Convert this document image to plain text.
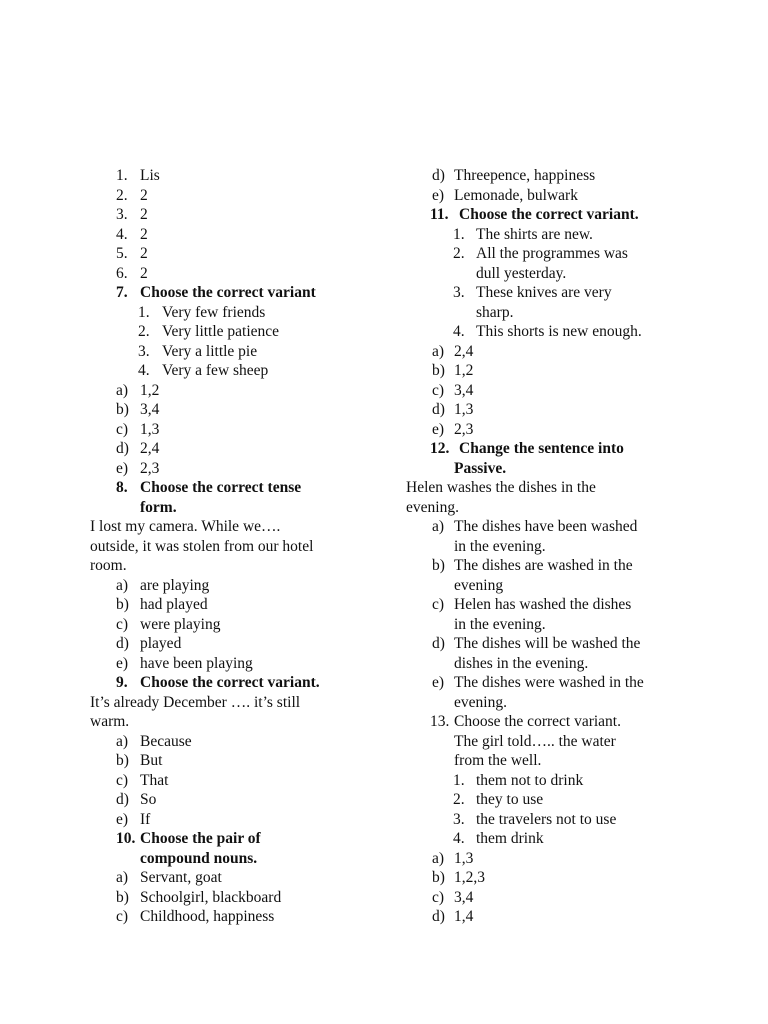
1. Lis
2. 2
3. 2
4. 2
5. 2
6. 2
7. Choose the correct variant
1. Very few friends
2. Very little patience
3. Very a little pie
4. Very a few sheep
a) 1,2
b) 3,4
c) 1,3
d) 2,4
e) 2,3
8. Choose the correct tense
form.
I lost my camera. While we….
outside, it was stolen from our hotel
room.
a) are playing
b) had played
c) were playing
d) played
e) have been playing
9. Choose the correct variant.
It’s already December …. it’s still
warm.
a) Because
b) But
c) That
d) So
e) If
10. Choose the pair of
compound nouns.
a) Servant, goat
b) Schoolgirl, blackboard
c) Childhood, happiness
d) Threepence, happiness
e) Lemonade, bulwark
11. Choose the correct variant.
1. The shirts are new.
2. All the programmes was
dull yesterday.
3. These knives are very
sharp.
4. This shorts is new enough.
a) 2,4
b) 1,2
c) 3,4
d) 1,3
e) 2,3
12. Change the sentence into
Passive.
Helen washes the dishes in the
evening.
a) The dishes have been washed
in the evening.
b) The dishes are washed in the
evening
c) Helen has washed the dishes
in the evening.
d) The dishes will be washed the
dishes in the evening.
e) The dishes were washed in the
evening.
13. Choose the correct variant.
The girl told….. the water
from the well.
1. them not to drink
2. they to use
3. the travelers not to use
4. them drink
a) 1,3
b) 1,2,3
c) 3,4
d) 1,4
